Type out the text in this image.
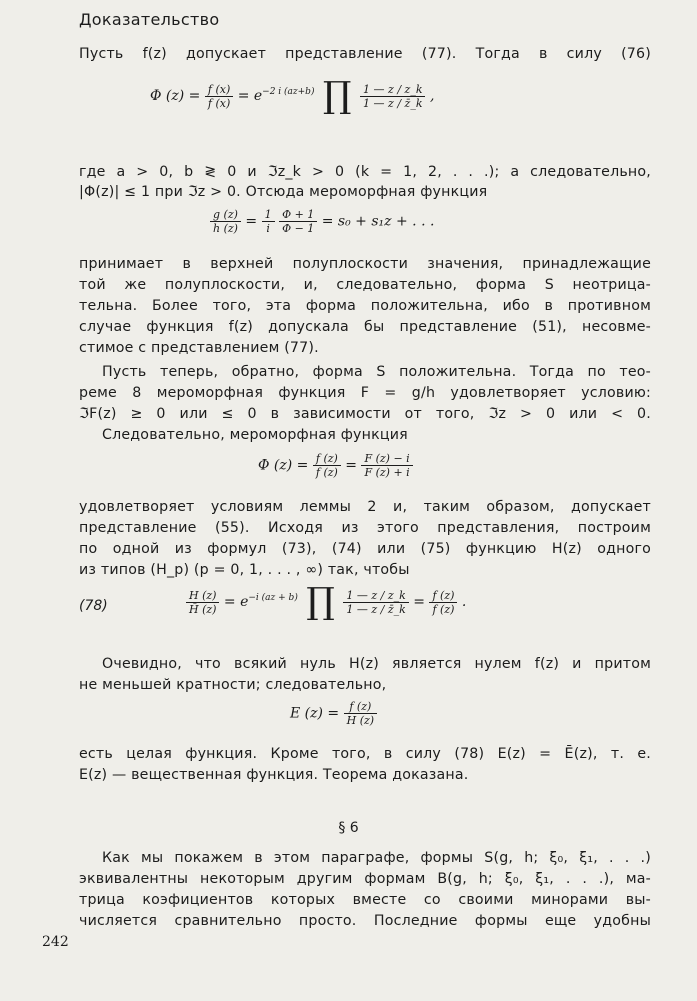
Доказательство
Пусть f(z) допускает представление (77). Тогда в силу (76)
Φ $(z) = \frac{f (x)}{f̄ (x)} = e^{-2 i (az+b)}$ ∏ $\frac{1 — z / z\_k}{1 — z / z̄\_k}$ ,
где a > 0, b ≷ 0 и ℑz_k > 0 (k = 1, 2, . . .); а следовательно,
|Φ(z)| ≤ 1 при ℑz > 0. Отсюда мероморфная функция
$\frac{g (z)}{h (z)} = \frac{1}{i}$
$\frac{\Phi + 1}{\Phi - 1} = s_0 + s_1z$ + . . .
принимает в верхней полуплоскости значения, принадлежащие
той же полуплоскости, и, следовательно, форма S неотрица-
тельна. Более того, эта форма положительна, ибо в противном
случае функция f(z) допускала бы представление (51), несовме-
стимое с представлением (77).
Пусть теперь, обратно, форма S положительна. Тогда по тео-
реме 8 мероморфная функция F = g/h удовлетворяет условию:
ℑF(z) ≥ 0 или ≤ 0 в зависимости от того, ℑz > 0 или < 0.
Следовательно, мероморфная функция
Φ $(z) = \frac{f (z)}{f̄ (z)} = \frac{F (z) - i}{F (z) + i}$
удовлетворяет условиям леммы 2 и, таким образом, допускает
представление (55). Исходя из этого представления, построим
по одной из формул (73), (74) или (75) функцию H(z) одного
из типов (H_p) (p = 0, 1, . . . , ∞) так, чтобы
(78)	$\frac{H (z)}{H̄ (z)} = e^{-i (az + b)}$ ∏ $\frac{1 — z / z\_k}{1 — z / z̄\_k} = \frac{f (z)}{f̄ (z)}$ .
Очевидно, что всякий нуль H(z) является нулем f(z) и притом
не меньшей кратности; следовательно,
E $(z) = \frac{f (z)}{H (z)}$
есть целая функция. Кроме того, в силу (78) E(z) = Ē(z), т. е.
E(z) — вещественная функция. Теорема доказана.
§ 6
Как мы покажем в этом параграфе, формы S(g, h; ξ₀, ξ₁, . . .)
эквивалентны некоторым другим формам B(g, h; ξ₀, ξ₁, . . .), ма-
трица коэфициентов которых вместе со своими минорами вы-
числяется сравнительно просто. Последние формы еще удобны
242
